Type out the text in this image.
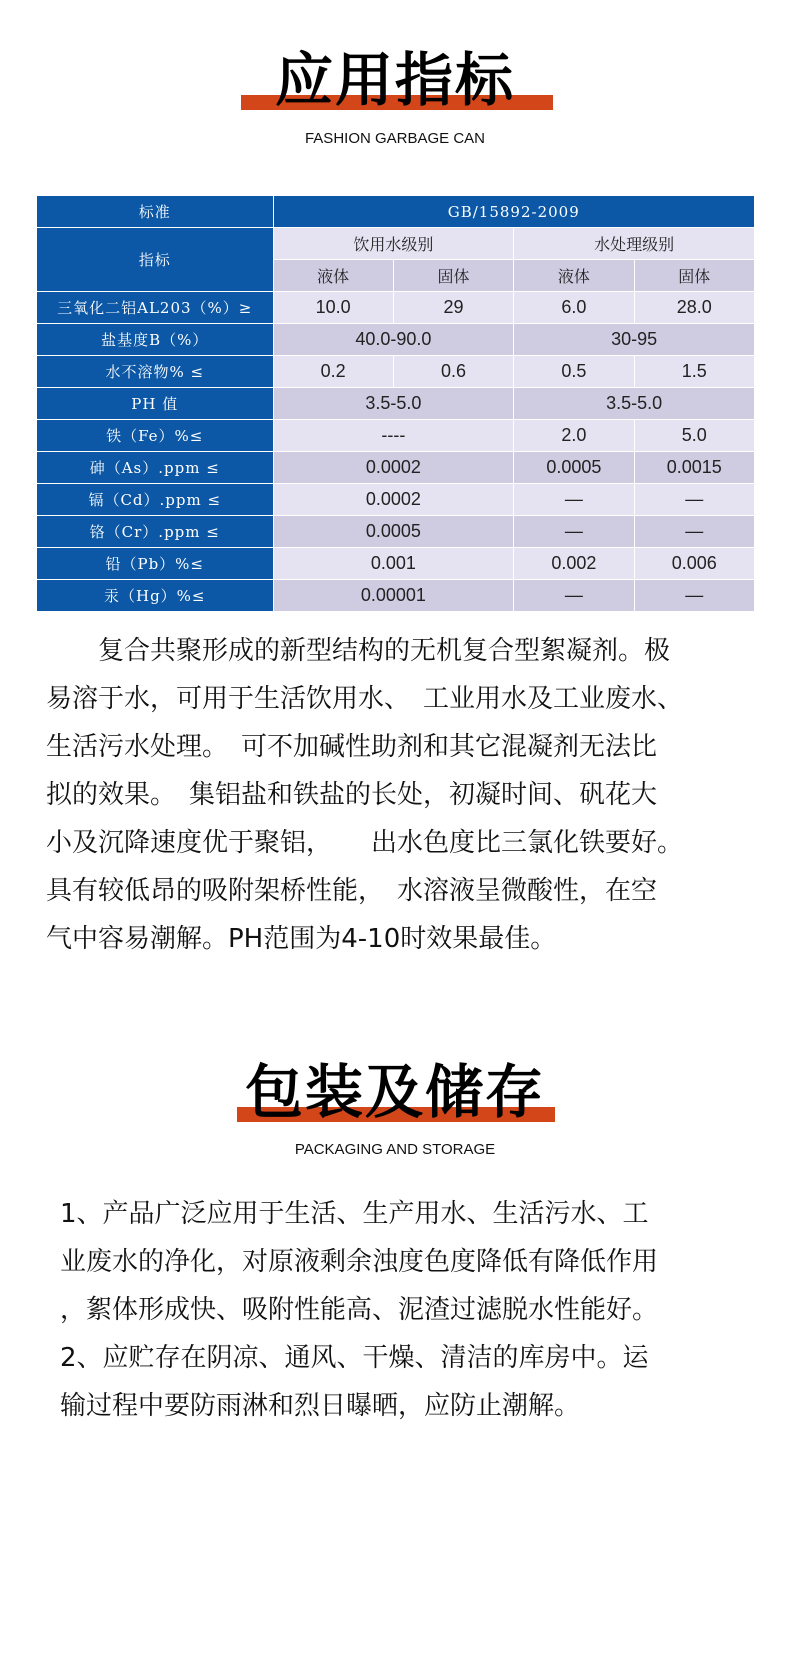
应用指标
FASHION GARBAGE CAN
标准	GB/15892-2009			
指标	饮用水级别		水处理级别	
	液体	固体	液体	固体
三氧化二铝AL203（%）≥	10.0	29	6.0	28.0
盐基度B（%）	40.0-90.0		30-95	
水不溶物% ≤	0.2	0.6	0.5	1.5
PH 值	3.5-5.0		3.5-5.0	
铁（Fe）%≤	----		2.0	5.0
砷（As）.ppm ≤	0.0002		0.0005	0.0015
镉（Cd）.ppm ≤	0.0002		—	—
铬（Cr）.ppm ≤	0.0005		—	—
铅（Pb）%≤	0.001		0.002	0.006
汞（Hg）%≤	0.00001		—	—
　　复合共聚形成的新型结构的无机复合型絮凝剂。极
易溶于水，可用于生活饮用水、　工业用水及工业废水、
生活污水处理。　可不加碱性助剂和其它混凝剂无法比
拟的效果。　集铝盐和铁盐的长处，初凝时间、矾花大
小及沉降速度优于聚铝，　　出水色度比三氯化铁要好。
具有较低昂的吸附架桥性能，　水溶液呈微酸性，在空
气中容易潮解。PH范围为4-10时效果最佳。
包装及储存
PACKAGING AND STORAGE
1、产品广泛应用于生活、生产用水、生活污水、工
业废水的净化，对原液剩余浊度色度降低有降低作用
，絮体形成快、吸附性能高、泥渣过滤脱水性能好。
2、应贮存在阴凉、通风、干燥、清洁的库房中。运
输过程中要防雨淋和烈日曝晒，应防止潮解。
